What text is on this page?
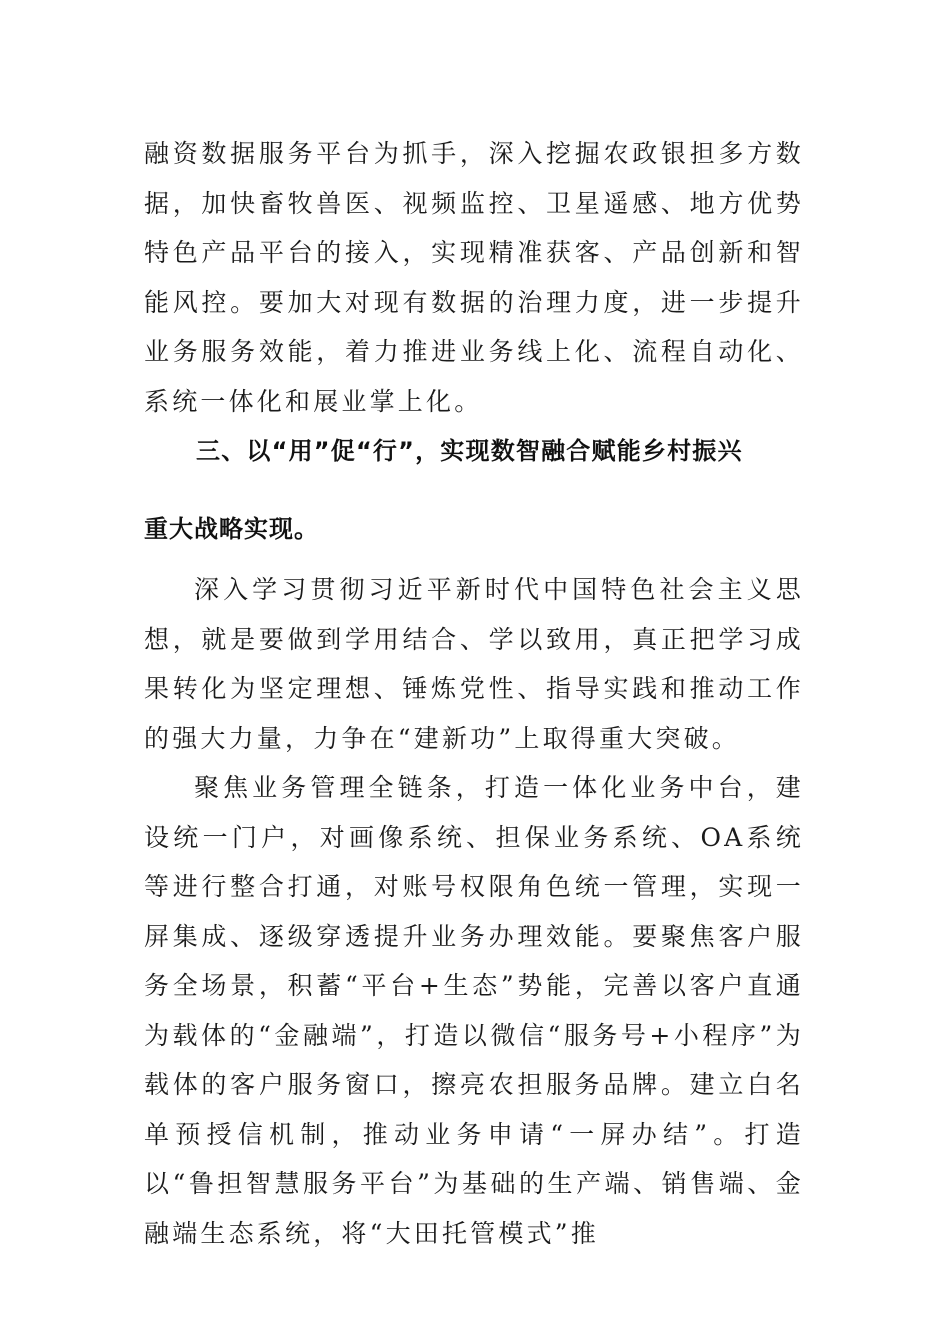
融资数据服务平台为抓手，深入挖掘农政银担多方数据，加快畜牧兽医、视频监控、卫星遥感、地方优势特色产品平台的接入，实现精准获客、产品创新和智能风控。要加大对现有数据的治理力度，进一步提升业务服务效能，着力推进业务线上化、流程自动化、系统一体化和展业掌上化。

三、以“用”促“行”，实现数智融合赋能乡村振兴
重大战略实现。

深入学习贯彻习近平新时代中国特色社会主义思想，就是要做到学用结合、学以致用，真正把学习成果转化为坚定理想、锤炼党性、指导实践和推动工作的强大力量，力争在“建新功”上取得重大突破。

聚焦业务管理全链条，打造一体化业务中台，建设统一门户，对画像系统、担保业务系统、OA系统等进行整合打通，对账号权限角色统一管理，实现一屏集成、逐级穿透提升业务办理效能。要聚焦客户服务全场景，积蓄“平台+生态”势能，完善以客户直通为载体的“金融端”，打造以微信“服务号+小程序”为载体的客户服务窗口，擦亮农担服务品牌。建立白名单预授信机制，推动业务申请“一屏办结”。打造以“鲁担智慧服务平台”为基础的生产端、销售端、金融端生态系统，将“大田托管模式”推
